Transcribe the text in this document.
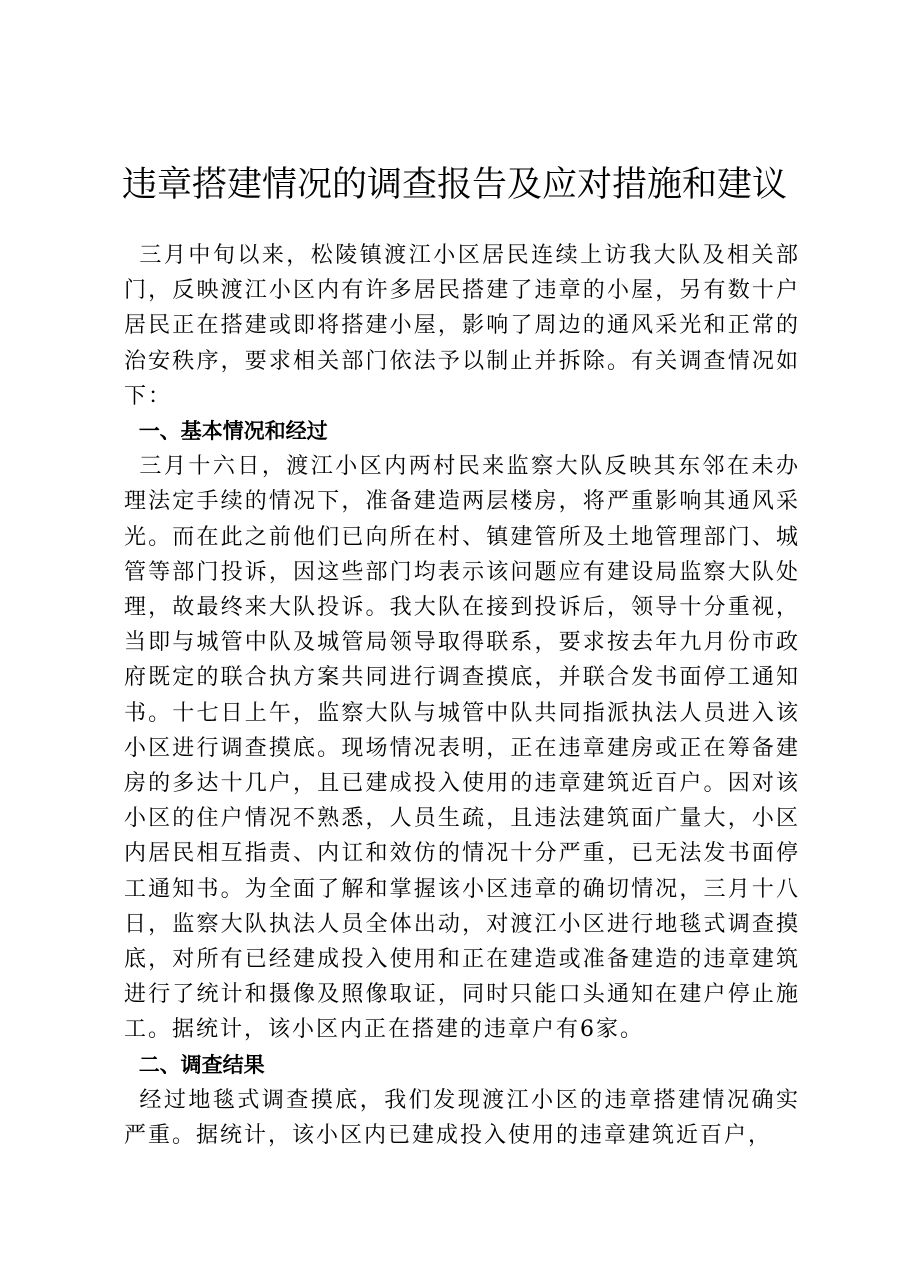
违章搭建情况的调查报告及应对措施和建议

三月中旬以来，松陵镇渡江小区居民连续上访我大队及相关部门，反映渡江小区内有许多居民搭建了违章的小屋，另有数十户居民正在搭建或即将搭建小屋，影响了周边的通风采光和正常的治安秩序，要求相关部门依法予以制止并拆除。有关调查情况如下：

一、基本情况和经过

三月十六日，渡江小区内两村民来监察大队反映其东邻在未办理法定手续的情况下，准备建造两层楼房，将严重影响其通风采光。而在此之前他们已向所在村、镇建管所及土地管理部门、城管等部门投诉，因这些部门均表示该问题应有建设局监察大队处理，故最终来大队投诉。我大队在接到投诉后，领导十分重视，当即与城管中队及城管局领导取得联系，要求按去年九月份市政府既定的联合执方案共同进行调查摸底，并联合发书面停工通知书。十七日上午，监察大队与城管中队共同指派执法人员进入该小区进行调查摸底。现场情况表明，正在违章建房或正在筹备建房的多达十几户，且已建成投入使用的违章建筑近百户。因对该小区的住户情况不熟悉，人员生疏，且违法建筑面广量大，小区内居民相互指责、内讧和效仿的情况十分严重，已无法发书面停工通知书。为全面了解和掌握该小区违章的确切情况，三月十八日，监察大队执法人员全体出动，对渡江小区进行地毯式调查摸底，对所有已经建成投入使用和正在建造或准备建造的违章建筑进行了统计和摄像及照像取证，同时只能口头通知在建户停止施工。据统计，该小区内正在搭建的违章户有6家。

二、调查结果

经过地毯式调查摸底，我们发现渡江小区的违章搭建情况确实严重。据统计，该小区内已建成投入使用的违章建筑近百户，
